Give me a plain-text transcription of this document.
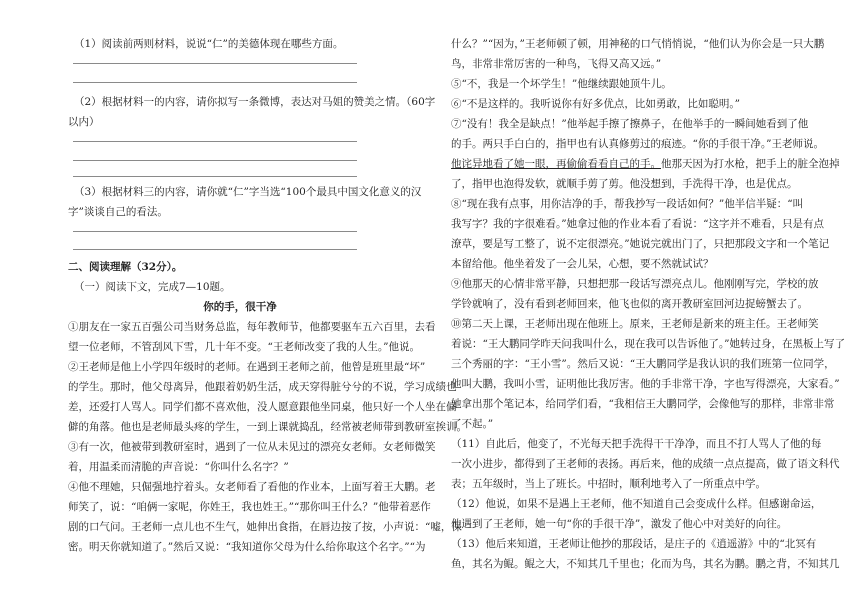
（1）阅读前两则材料，说说“仁”的美德体现在哪些方面。
（2）根据材料一的内容，请你拟写一条微博，表达对马姐的赞美之情。（60字
以内）
（3）根据材料三的内容，请你就“仁”字当选“100个最具中国文化意义的汉
字”谈谈自己的看法。
二、阅读理解（32分）。
（一）阅读下文，完成7—10题。
你的手，很干净
①朋友在一家五百强公司当财务总监，每年教师节，他都要驱车五六百里，去看
望一位老师，不管刮风下雪，几十年不变。“王老师改变了我的人生。”他说。
②王老师是他上小学四年级时的老师。在遇到王老师之前，他曾是班里最“坏”
的学生。那时，他父母离异，他跟着奶奶生活，成天穿得脏兮兮的不说，学习成绩也
差，还爱打人骂人。同学们都不喜欢他，没人愿意跟他坐同桌，他只好一个人坐在偏
僻的角落。他也是老师最头疼的学生，一到上课就捣乱，经常被老师带到教研室挨训。
③有一次，他被带到教研室时，遇到了一位从未见过的漂亮女老师。女老师微笑
着，用温柔而清脆的声音说：“你叫什么名字？”
④他不理她，只倔强地拧着头。女老师看了看他的作业本，上面写着王大鹏。老
师笑了，说：“咱俩一家呢，你姓王，我也姓王。”“那你叫王什么？”他带着恶作
剧的口气问。王老师一点儿也不生气，她伸出食指，在唇边按了按，小声说：“嘘，保
密。明天你就知道了。”然后又说：“我知道你父母为什么给你取这个名字。”“为
什么？”“因为，”王老师顿了顿，用神秘的口气悄悄说，“他们认为你会是一只大鹏
鸟，非常非常厉害的一种鸟，飞得又高又远。”
⑤“不，我是一个坏学生！”他继续跟她顶牛儿。
⑥“不是这样的。我听说你有好多优点，比如勇敢，比如聪明。”
⑦“没有！我全是缺点！”他举起手擦了擦鼻子，在他举手的一瞬间她看到了他
的手。两只手白白的，指甲也有认真修剪过的痕迹。“你的手很干净。”王老师说。
他诧异地看了她一眼，再偷偷看看自己的手。他那天因为打水枪，把手上的脏全泡掉
了，指甲也泡得发软，就顺手剪了剪。他没想到，手洗得干净，也是优点。
⑧“现在我有点事，用你洁净的手，帮我抄写一段话如何？”他半信半疑：“叫
我写字？我的字很难看。”她拿过他的作业本看了看说：“这字并不难看，只是有点
潦草，要是写工整了，说不定很漂亮。”她说完就出门了，只把那段文字和一个笔记
本留给他。他坐着发了一会儿呆，心想，要不然就试试？
⑨他那天的心情非常平静，只想把那一段话写漂亮点儿。他刚刚写完，学校的放
学铃就响了，没有看到老师回来，他飞也似的离开教研室回河边捉螃蟹去了。
⑩第二天上课，王老师出现在他班上。原来，王老师是新来的班主任。王老师笑
着说：“王大鹏同学昨天问我叫什么，现在我可以告诉他了。”她转过身，在黑板上写了
三个秀丽的字：“王小雪”。然后又说：“王大鹏同学是我认识的我们班第一位同学，
他叫大鹏，我叫小雪，证明他比我厉害。他的手非常干净，字也写得漂亮，大家看。”
她拿出那个笔记本，给同学们看，“我相信王大鹏同学，会像他写的那样，非常非常
了不起。”
（11）自此后，他变了，不光每天把手洗得干干净净，而且不打人骂人了他的每
一次小进步，都得到了王老师的表扬。再后来，他的成绩一点点提高，做了语文科代
表；五年级时，当上了班长。中招时，顺利地考入了一所重点中学。
（12）他说，如果不是遇上王老师，他不知道自己会变成什么样。但感谢命运，
他遇到了王老师，她一句“你的手很干净”，激发了他心中对美好的向往。
（13）他后来知道，王老师让他抄的那段话，是庄子的《逍遥游》中的“北冥有
鱼，其名为鲲。鲲之大，不知其几千里也；化而为鸟，其名为鹏。鹏之背，不知其几
